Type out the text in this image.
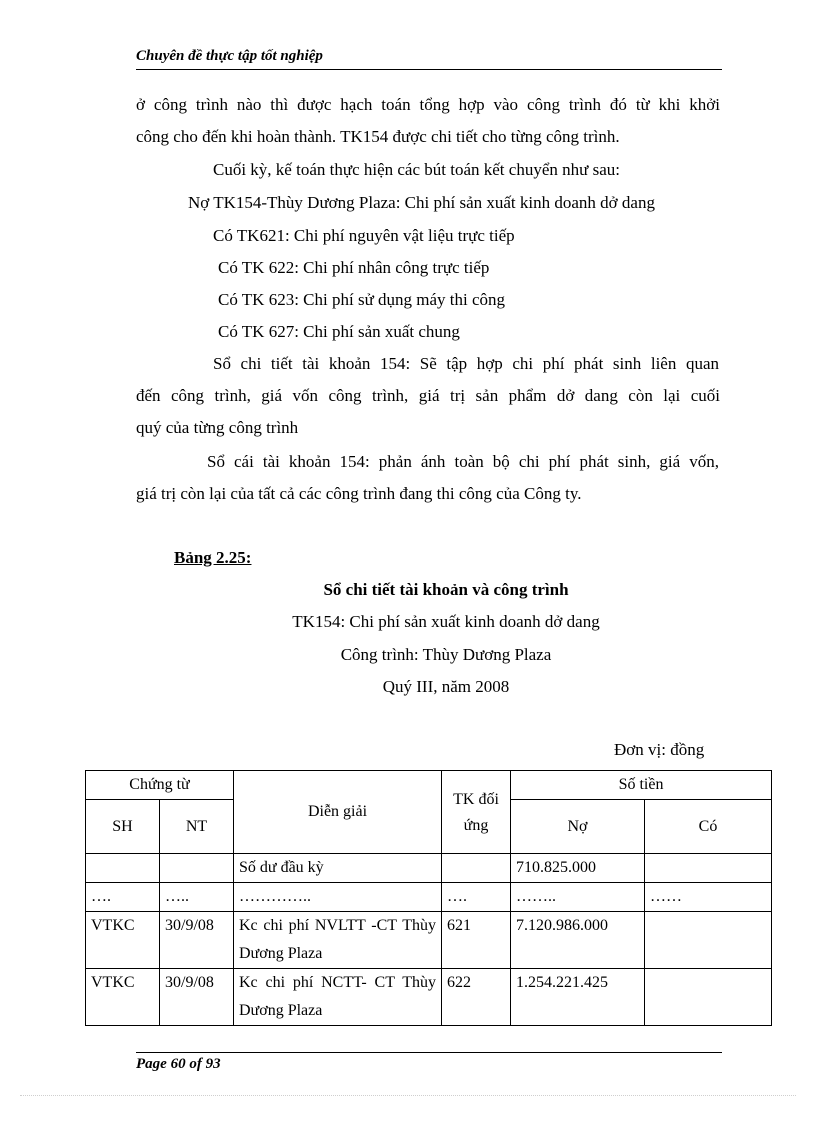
Chuyên đề thực tập tốt nghiệp
ở công trình nào thì được hạch toán tổng hợp vào công trình đó từ khi khởi
công cho đến khi hoàn thành. TK154 được chi tiết cho từng công trình.
Cuối kỳ, kế toán thực hiện các bút toán kết chuyển như sau:
Nợ TK154-Thùy Dương Plaza: Chi phí sản xuất kinh doanh dở dang
Có TK621: Chi phí nguyên vật liệu trực tiếp
Có TK 622: Chi phí nhân công trực tiếp
Có TK 623: Chi phí sử dụng máy thi công
Có TK 627: Chi phí sản xuất chung
Sổ chi tiết tài khoản 154: Sẽ tập hợp chi phí phát sinh liên quan
đến công trình, giá vốn công trình, giá trị sản phẩm dở dang còn lại cuối
quý của từng công trình
Sổ cái tài khoản 154: phản ánh toàn bộ chi phí phát sinh, giá vốn,
giá trị còn lại của tất cả các công trình đang thi công của Công ty.
Bảng 2.25:
Sổ chi tiết tài khoản và công trình
TK154: Chi phí sản xuất kinh doanh dở dang
Công trình: Thùy Dương Plaza
Quý III, năm 2008
Đơn vị: đồng
Chứng từ		Diễn giải	TK đối ứng	Số tiền	
SH	NT			Nợ	Có
		Số dư đầu kỳ		710.825.000	
….	…..	…………..	….	……..	……
VTKC	30/9/08	Kc chi phí NVLTT -CT Thùy Dương Plaza	621	7.120.986.000	
VTKC	30/9/08	Kc chi phí NCTT- CT Thùy Dương Plaza	622	1.254.221.425	
Page 60 of 93
